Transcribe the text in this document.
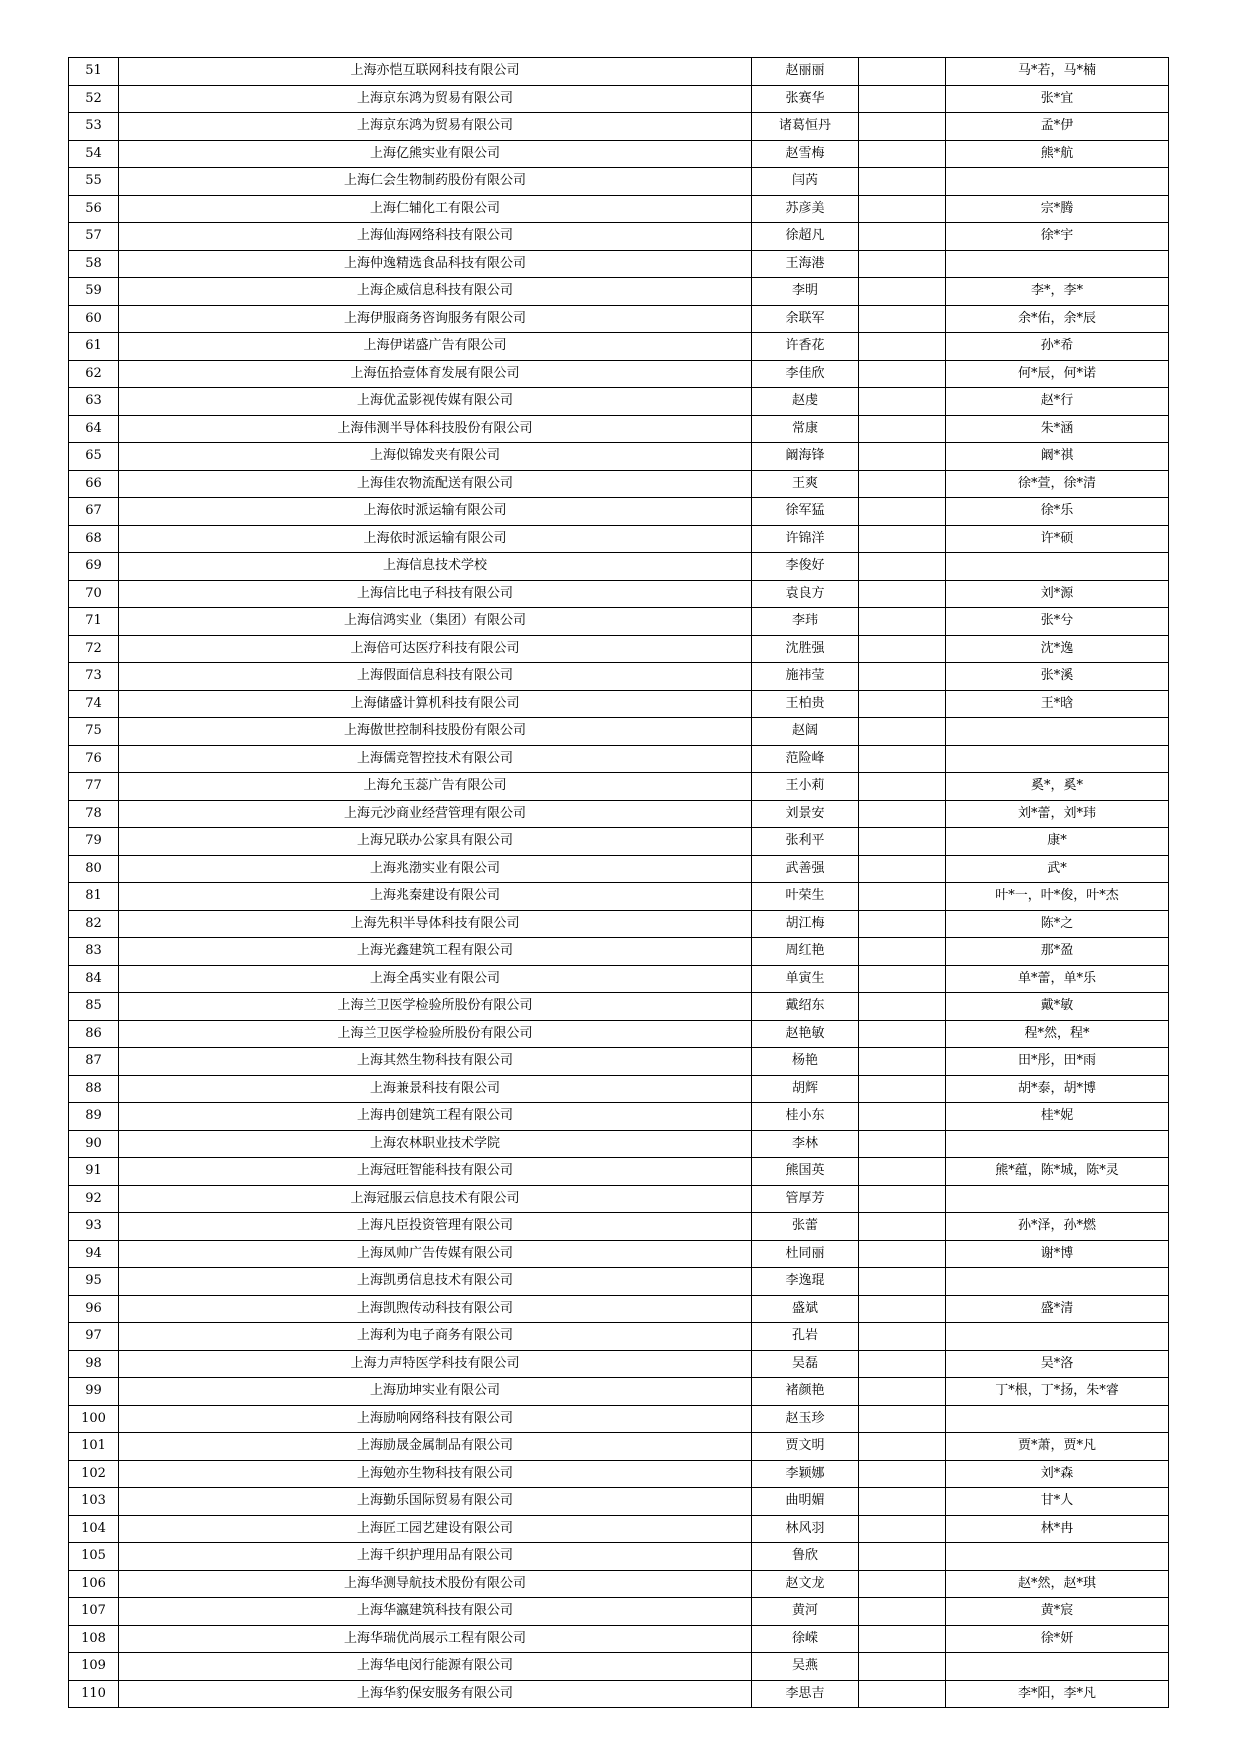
51	上海亦恺互联网科技有限公司	赵丽丽		马*若，马*楠
52	上海京东鸿为贸易有限公司	张赛华		张*宜
53	上海京东鸿为贸易有限公司	诸葛恒丹		孟*伊
54	上海亿熊实业有限公司	赵雪梅		熊*航
55	上海仁会生物制药股份有限公司	闫芮		
56	上海仁辅化工有限公司	苏彦美		宗*腾
57	上海仙海网络科技有限公司	徐超凡		徐*宇
58	上海仲逸精选食品科技有限公司	王海港		
59	上海企威信息科技有限公司	李明		李*，李*
60	上海伊服商务咨询服务有限公司	余联军		余*佑，余*辰
61	上海伊诺盛广告有限公司	许香花		孙*希
62	上海伍拾壹体育发展有限公司	李佳欣		何*辰，何*诺
63	上海优孟影视传媒有限公司	赵虔		赵*行
64	上海伟测半导体科技股份有限公司	常康		朱*涵
65	上海似锦发夹有限公司	阚海锋		阚*祺
66	上海佳农物流配送有限公司	王爽		徐*萱，徐*清
67	上海依时派运输有限公司	徐军猛		徐*乐
68	上海依时派运输有限公司	许锦洋		许*硕
69	上海信息技术学校	李俊好		
70	上海信比电子科技有限公司	袁良方		刘*源
71	上海信鸿实业（集团）有限公司	李玮		张*兮
72	上海倍可达医疗科技有限公司	沈胜强		沈*逸
73	上海假面信息科技有限公司	施祎莹		张*溪
74	上海储盛计算机科技有限公司	王柏贵		王*晗
75	上海傲世控制科技股份有限公司	赵阔		
76	上海儒竞智控技术有限公司	范险峰		
77	上海允玉蕊广告有限公司	王小莉		奚*，奚*
78	上海元沙商业经营管理有限公司	刘景安		刘*蕾，刘*玮
79	上海兄联办公家具有限公司	张利平		康*
80	上海兆渤实业有限公司	武善强		武*
81	上海兆秦建设有限公司	叶荣生		叶*一，叶*俊，叶*杰
82	上海先积半导体科技有限公司	胡江梅		陈*之
83	上海光鑫建筑工程有限公司	周红艳		那*盈
84	上海全禹实业有限公司	单寅生		单*蕾，单*乐
85	上海兰卫医学检验所股份有限公司	戴绍东		戴*敏
86	上海兰卫医学检验所股份有限公司	赵艳敏		程*然，程*
87	上海其然生物科技有限公司	杨艳		田*彤，田*雨
88	上海兼景科技有限公司	胡辉		胡*泰，胡*博
89	上海冉创建筑工程有限公司	桂小东		桂*妮
90	上海农林职业技术学院	李林		
91	上海冠旺智能科技有限公司	熊国英		熊*蕴，陈*城，陈*灵
92	上海冠服云信息技术有限公司	管厚芳		
93	上海凡臣投资管理有限公司	张蕾		孙*泽，孙*燃
94	上海凤帅广告传媒有限公司	杜同丽		谢*博
95	上海凯勇信息技术有限公司	李逸琨		
96	上海凯煦传动科技有限公司	盛斌		盛*清
97	上海利为电子商务有限公司	孔岩		
98	上海力声特医学科技有限公司	吴磊		吴*洛
99	上海劢坤实业有限公司	褚颜艳		丁*根，丁*扬，朱*睿
100	上海励响网络科技有限公司	赵玉珍		
101	上海励晟金属制品有限公司	贾文明		贾*萧，贾*凡
102	上海勉亦生物科技有限公司	李颖娜		刘*森
103	上海勤乐国际贸易有限公司	曲明媚		甘*人
104	上海匠工园艺建设有限公司	林风羽		林*冉
105	上海千织护理用品有限公司	鲁欣		
106	上海华测导航技术股份有限公司	赵文龙		赵*然，赵*琪
107	上海华瀛建筑科技有限公司	黄河		黄*宸
108	上海华瑞优尚展示工程有限公司	徐嵘		徐*妍
109	上海华电闵行能源有限公司	吴燕		
110	上海华豹保安服务有限公司	李思吉		李*阳，李*凡
